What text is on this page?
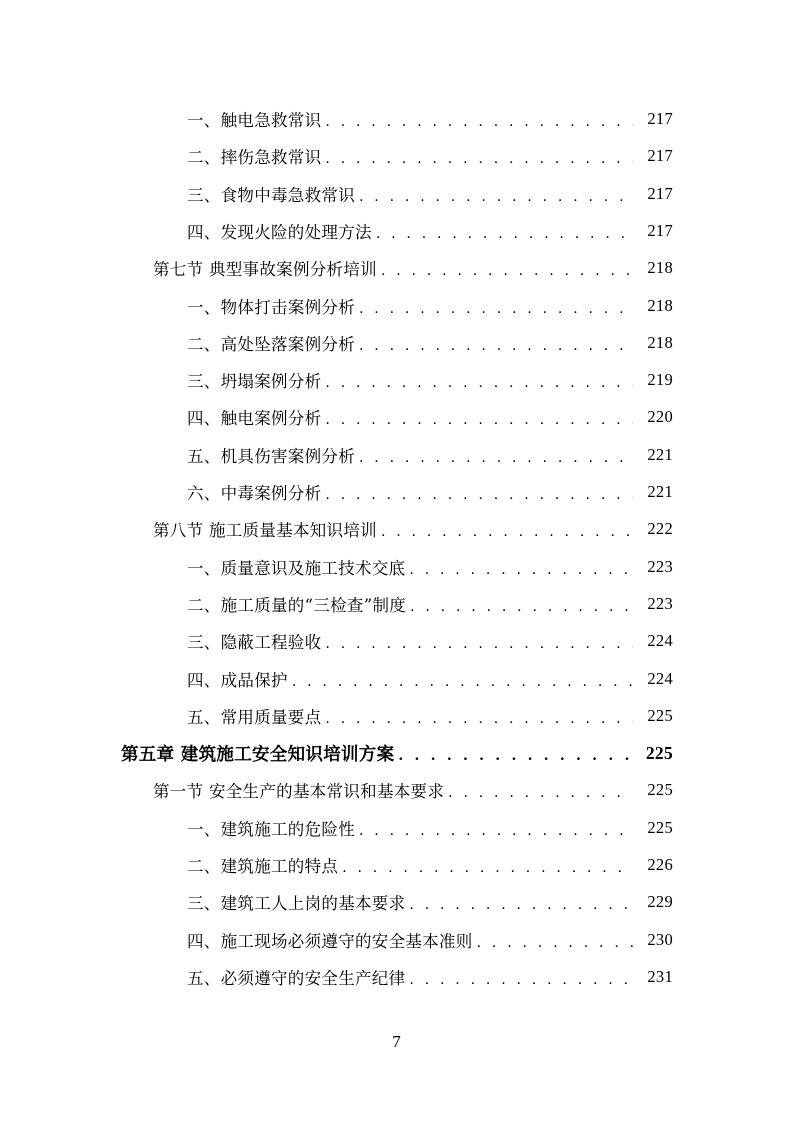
一、触电急救常识 . . .	217
二、摔伤急救常识 . . .	217
三、食物中毒急救常识 . . .	217
四、发现火险的处理方法 . . .	217
第七节 典型事故案例分析培训 . . .	218
一、物体打击案例分析 . . .	218
二、高处坠落案例分析 . . .	218
三、坍塌案例分析 . . .	219
四、触电案例分析 . . .	220
五、机具伤害案例分析 . . .	221
六、中毒案例分析 . . .	221
第八节 施工质量基本知识培训 . . .	222
一、质量意识及施工技术交底 . . .	223
二、施工质量的“三检查”制度 . . .	223
三、隐蔽工程验收 . . .	224
四、成品保护 . . .	224
五、常用质量要点 . . .	225
第五章 建筑施工安全知识培训方案 . . .	225
第一节 安全生产的基本常识和基本要求 . . .	225
一、建筑施工的危险性 . . .	225
二、建筑施工的特点 . . .	226
三、建筑工人上岗的基本要求 . . .	229
四、施工现场必须遵守的安全基本准则 . . .	230
五、必须遵守的安全生产纪律 . . .	231
7
